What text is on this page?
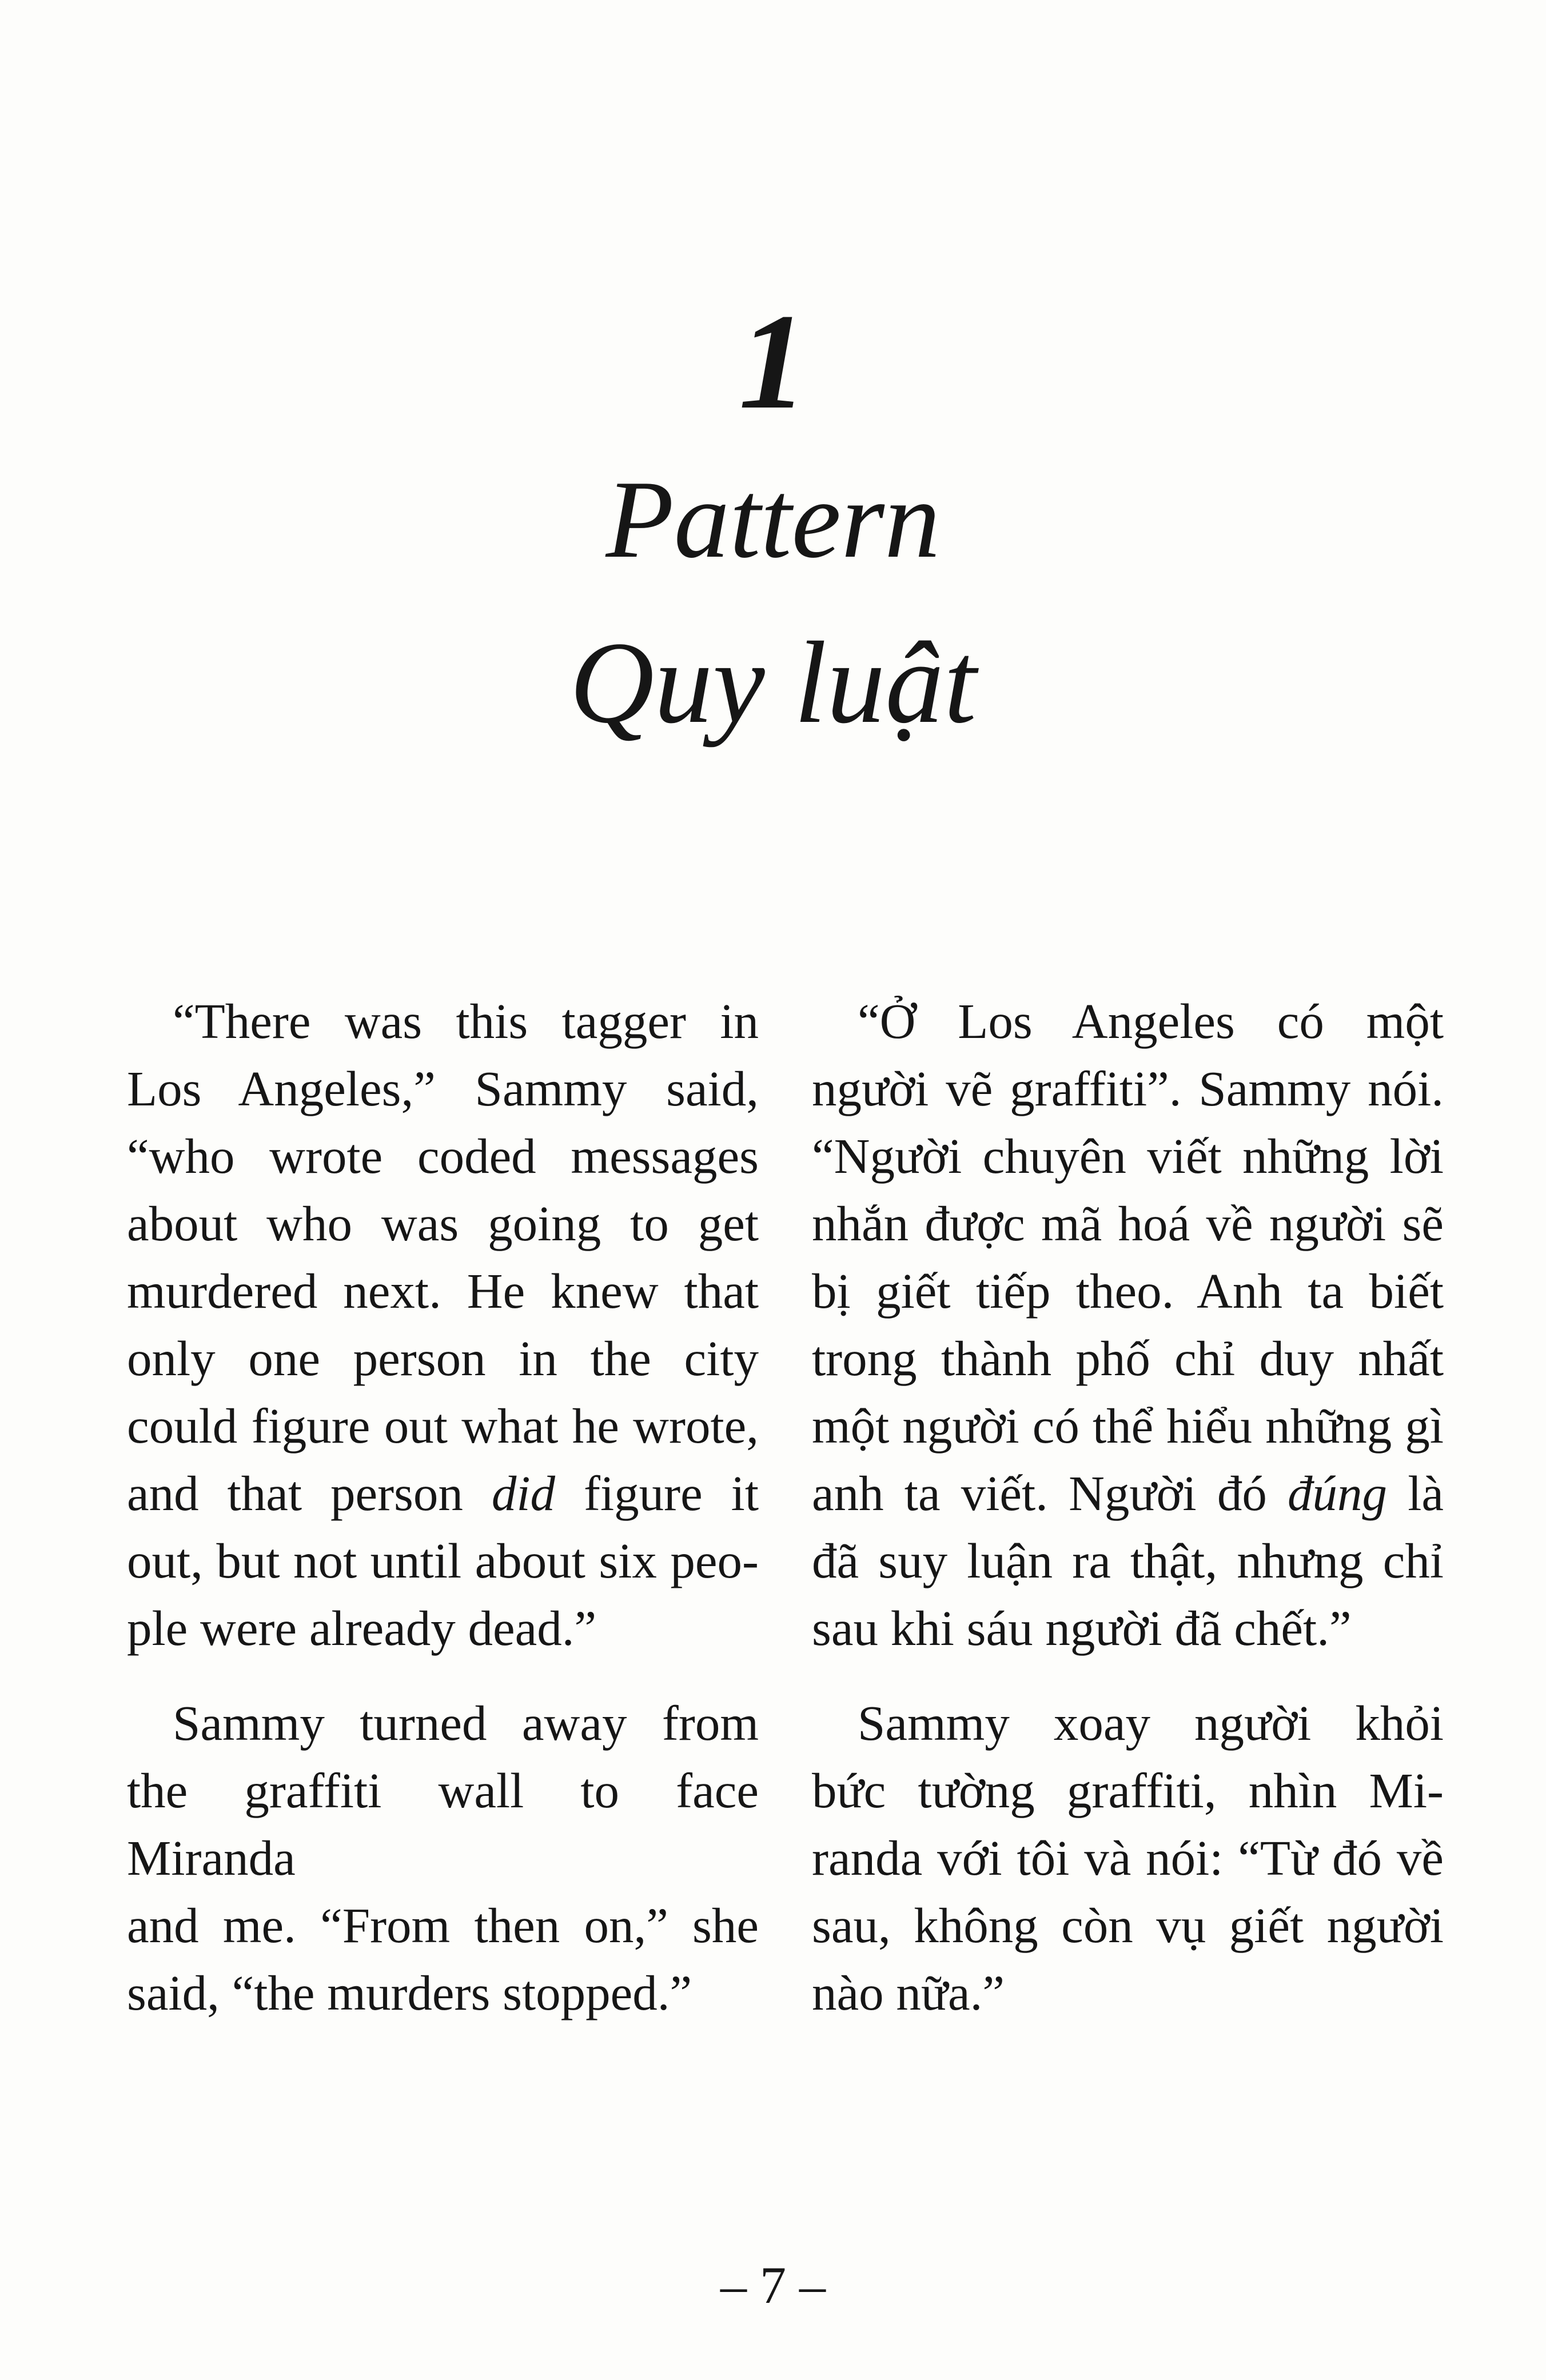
1
Pattern
Quy luật
“There was this tagger in
Los Angeles,” Sammy said,
“who wrote coded messages
about who was going to get
murdered next. He knew that
only one person in the city
could figure out what he wrote,
and that person did figure it
out, but not until about six peo-
ple were already dead.”
Sammy turned away from
the graffiti wall to face Miranda
and me. “From then on,” she
said, “the murders stopped.”
“Ở Los Angeles có một
người vẽ graffiti”. Sammy nói.
“Người chuyên viết những lời
nhắn được mã hoá về người sẽ
bị giết tiếp theo. Anh ta biết
trong thành phố chỉ duy nhất
một người có thể hiểu những gì
anh ta viết. Người đó đúng là
đã suy luận ra thật, nhưng chỉ
sau khi sáu người đã chết.”
Sammy xoay người khỏi
bức tường graffiti, nhìn Mi-
randa với tôi và nói: “Từ đó về
sau, không còn vụ giết người
nào nữa.”
– 7 –
